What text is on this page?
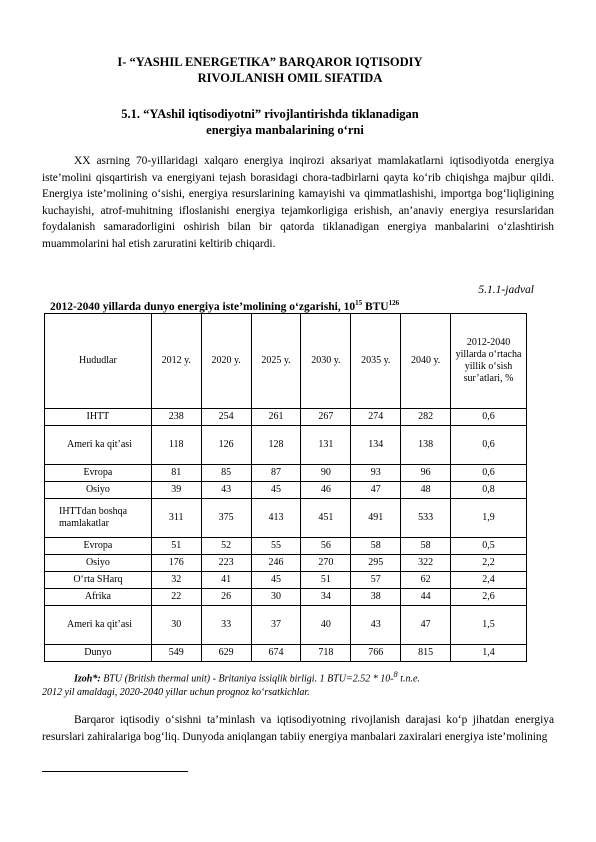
I- “YASHIL ENERGETIKA” BARQAROR IQTISODIY
RIVOJLANISH OMIL SIFATIDA
5.1. “YAshil iqtisodiyotni” rivojlantirishda tiklanadigan
energiya manbalarining o‘rni
XX asrning 70-yillaridagi xalqaro energiya inqirozi aksariyat mamlakatlarni iqtisodiyotda energiya iste’molini qisqartirish va energiyani tejash borasidagi chora-tadbirlarni qayta ko‘rib chiqishga majbur qildi. Energiya iste’molining o‘sishi, energiya resurslarining kamayishi va qimmatlashishi, importga bog‘liqligining kuchayishi, atrof-muhitning ifloslanishi energiya tejamkorligiga erishish, an’anaviy energiya resurslaridan foydalanish samaradorligini oshirish bilan bir qatorda tiklanadigan energiya manbalarini o‘zlashtirish muammolarini hal etish zaruratini keltirib chiqardi.
5.1.1-jadval
2012-2040 yillarda dunyo energiya iste’molining o‘zgarishi, $10^{15}$ BTU$^{126}$
Hududlar	2012 y.	2020 y.	2025 y.	2030 y.	2035 y.	2040 y.	2012-2040 yillarda o‘rtacha yillik o‘sish sur’atlari, %
IHTT	238	254	261	267	274	282	0,6
Ameri ka qit’asi	118	126	128	131	134	138	0,6
Evropa	81	85	87	90	93	96	0,6
Osiyo	39	43	45	46	47	48	0,8
IHTTdan boshqa mamlakatlar	311	375	413	451	491	533	1,9
Evropa	51	52	55	56	58	58	0,5
Osiyo	176	223	246	270	295	322	2,2
O‘rta SHarq	32	41	45	51	57	62	2,4
Afrika	22	26	30	34	38	44	2,6
Ameri ka qit’asi	30	33	37	40	43	47	1,5
Dunyo	549	629	674	718	766	815	1,4
Izoh*: BTU (British thermal unit) - Britaniya issiqlik birligi. 1 BTU=2.52 * 10-$^8$ t.n.e.
2012 yil amaldagi, 2020-2040 yillar uchun prognoz ko‘rsatkichlar.
Barqaror iqtisodiy o‘sishni ta’minlash va iqtisodiyotning rivojlanish darajasi ko‘p jihatdan energiya resurslari zahiralariga bog‘liq. Dunyoda aniqlangan tabiiy energiya manbalari zaxiralari energiya iste’molining
